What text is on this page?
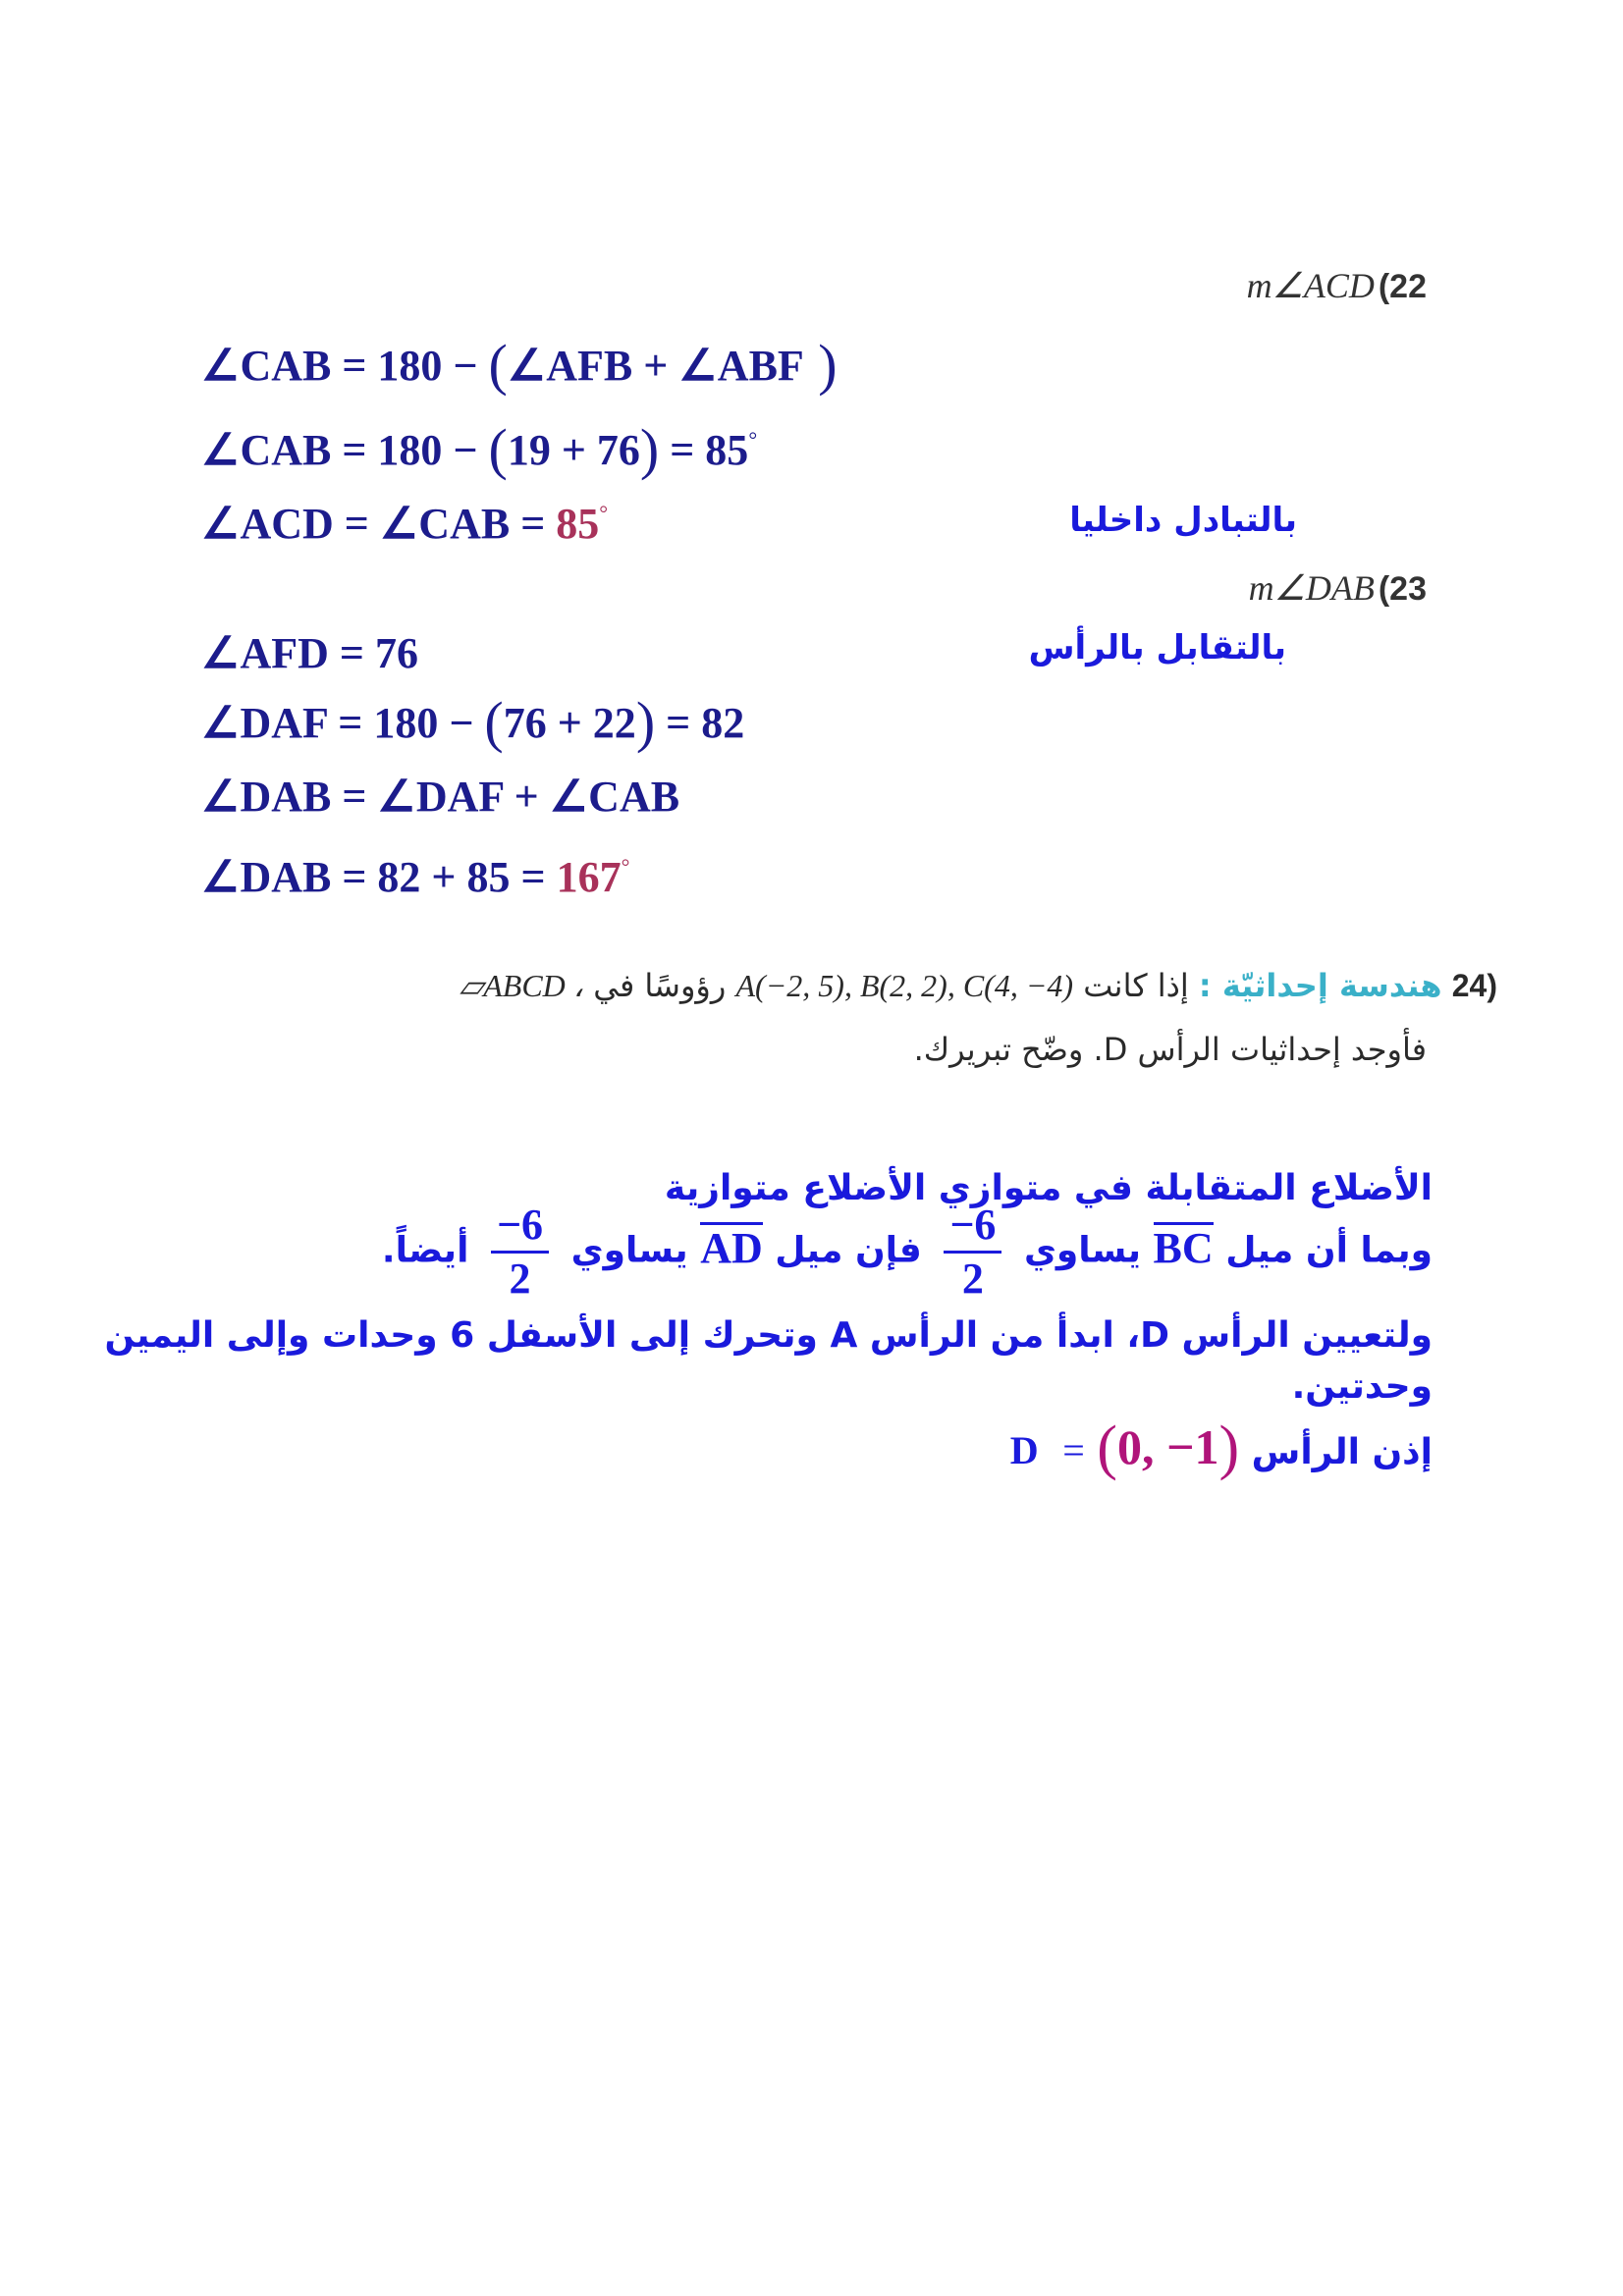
m∠ACD (22
∠CAB = 180 − (∠AFB + ∠ABF )
∠CAB = 180 − (19 + 76) = 85°
∠ACD = ∠CAB = 85°	بالتبادل داخليا
m∠DAB (23
∠AFD = 76	بالتقابل بالرأس
∠DAF = 180 − (76 + 22) = 82
∠DAB = ∠DAF + ∠CAB
∠DAB = 82 + 85 = 167°
(24 هندسة إحداثيّة : إذا كانت A(−2, 5), B(2, 2), C(4, −4) رؤوسًا في ▱ABCD ،
فأوجد إحداثيات الرأس D. وضّح تبريرك.
الأضلاع المتقابلة في متوازي الأضلاع متوازية
وبما أن ميل BC يساوي
$\frac{-6}{2}$
فإن ميل AD يساوي
$\frac{-6}{2}$
أيضاً.
ولتعيين الرأس D، ابدأ من الرأس A وتحرك إلى الأسفل 6 وحدات وإلى اليمين
وحدتين.
إذن الرأس D = (0, −1)
